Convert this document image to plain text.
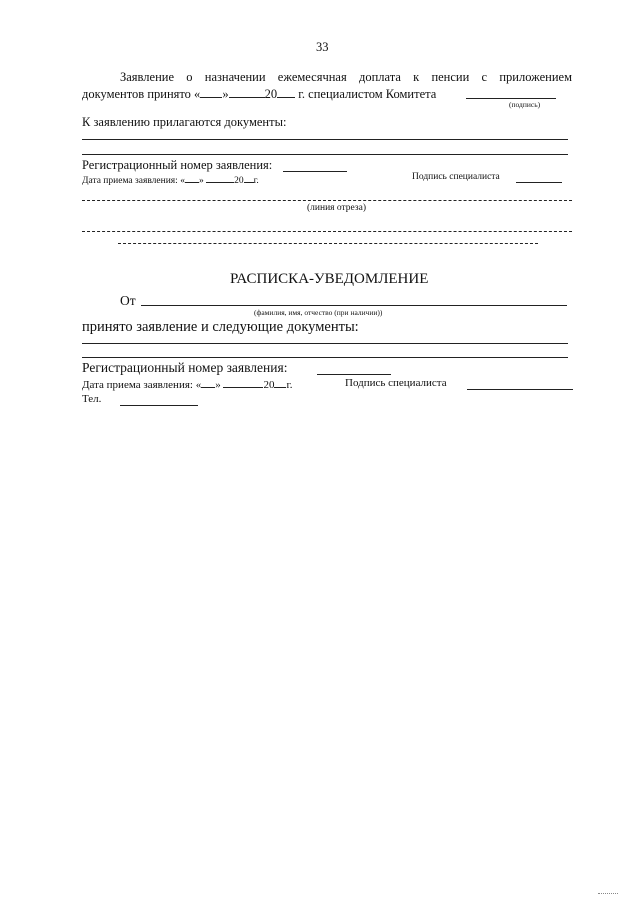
33
Заявление о назначении ежемесячная доплата к пенсии с приложением
документов принято « »	20 г. специалистом Комитета
(подпись)
К заявлению прилагаются документы:
Регистрационный номер заявления:
Дата приема заявления: « »	20 г.	Подпись специалиста
(линия отреза)
РАСПИСКА-УВЕДОМЛЕНИЕ
От
(фамилия, имя, отчество (при наличии))
принято заявление и следующие документы:
Регистрационный номер заявления:
Дата приема заявления: « »	20 г.	Подпись специалиста
Тел.
